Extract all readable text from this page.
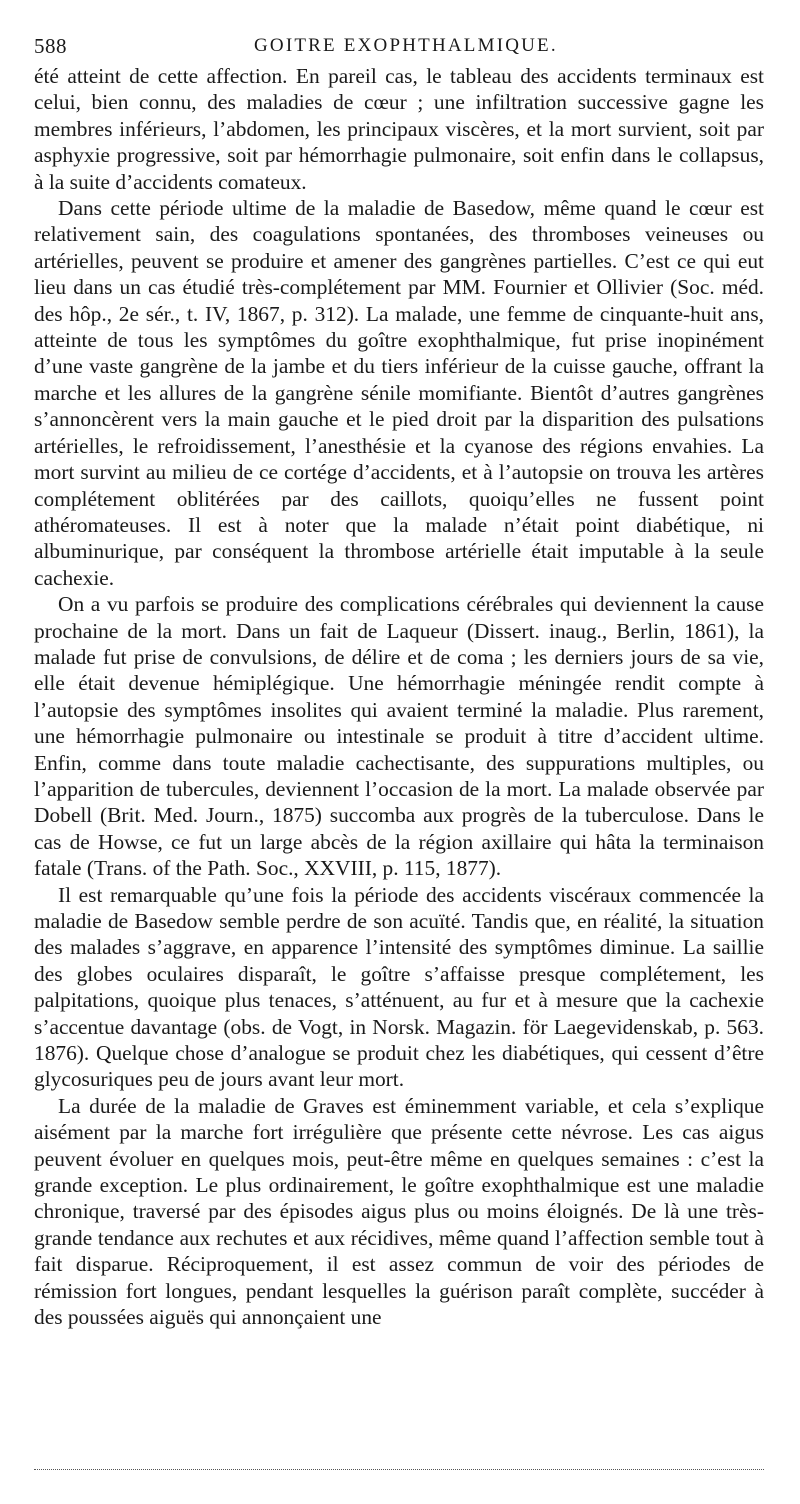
588	GOITRE EXOPHTHALMIQUE.

été atteint de cette affection. En pareil cas, le tableau des accidents terminaux est celui, bien connu, des maladies de cœur ; une infiltration successive gagne les membres inférieurs, l’abdomen, les principaux viscères, et la mort survient, soit par asphyxie progressive, soit par hémorrhagie pulmonaire, soit enfin dans le collapsus, à la suite d’accidents comateux.

Dans cette période ultime de la maladie de Basedow, même quand le cœur est relativement sain, des coagulations spontanées, des thromboses veineuses ou artérielles, peuvent se produire et amener des gangrènes partielles. C’est ce qui eut lieu dans un cas étudié très-complétement par MM. Fournier et Ollivier (Soc. méd. des hôp., 2e sér., t. IV, 1867, p. 312). La malade, une femme de cinquante-huit ans, atteinte de tous les symptômes du goître exophthalmique, fut prise inopinément d’une vaste gangrène de la jambe et du tiers inférieur de la cuisse gauche, offrant la marche et les allures de la gangrène sénile momifiante. Bientôt d’autres gangrènes s’annoncèrent vers la main gauche et le pied droit par la disparition des pulsations artérielles, le refroidissement, l’anesthésie et la cyanose des régions envahies. La mort survint au milieu de ce cortége d’accidents, et à l’autopsie on trouva les artères complétement oblitérées par des caillots, quoiqu’elles ne fussent point athéromateuses. Il est à noter que la malade n’était point diabétique, ni albuminurique, par conséquent la thrombose artérielle était imputable à la seule cachexie.

On a vu parfois se produire des complications cérébrales qui deviennent la cause prochaine de la mort. Dans un fait de Laqueur (Dissert. inaug., Berlin, 1861), la malade fut prise de convulsions, de délire et de coma ; les derniers jours de sa vie, elle était devenue hémiplégique. Une hémorrhagie méningée rendit compte à l’autopsie des symptômes insolites qui avaient terminé la maladie. Plus rarement, une hémorrhagie pulmonaire ou intestinale se produit à titre d’accident ultime. Enfin, comme dans toute maladie cachectisante, des suppurations multiples, ou l’apparition de tubercules, deviennent l’occasion de la mort. La malade observée par Dobell (Brit. Med. Journ., 1875) succomba aux progrès de la tuberculose. Dans le cas de Howse, ce fut un large abcès de la région axillaire qui hâta la terminaison fatale (Trans. of the Path. Soc., XXVIII, p. 115, 1877).

Il est remarquable qu’une fois la période des accidents viscéraux commencée la maladie de Basedow semble perdre de son acuïté. Tandis que, en réalité, la situation des malades s’aggrave, en apparence l’intensité des symptômes diminue. La saillie des globes oculaires disparaît, le goître s’affaisse presque complétement, les palpitations, quoique plus tenaces, s’atténuent, au fur et à mesure que la cachexie s’accentue davantage (obs. de Vogt, in Norsk. Magazin. för Laegevidenskab, p. 563. 1876). Quelque chose d’analogue se produit chez les diabétiques, qui cessent d’être glycosuriques peu de jours avant leur mort.

La durée de la maladie de Graves est éminemment variable, et cela s’explique aisément par la marche fort irrégulière que présente cette névrose. Les cas aigus peuvent évoluer en quelques mois, peut-être même en quelques semaines : c’est la grande exception. Le plus ordinairement, le goître exophthalmique est une maladie chronique, traversé par des épisodes aigus plus ou moins éloignés. De là une très-grande tendance aux rechutes et aux récidives, même quand l’affection semble tout à fait disparue. Réciproquement, il est assez commun de voir des périodes de rémission fort longues, pendant lesquelles la guérison paraît complète, succéder à des poussées aiguës qui annonçaient une
